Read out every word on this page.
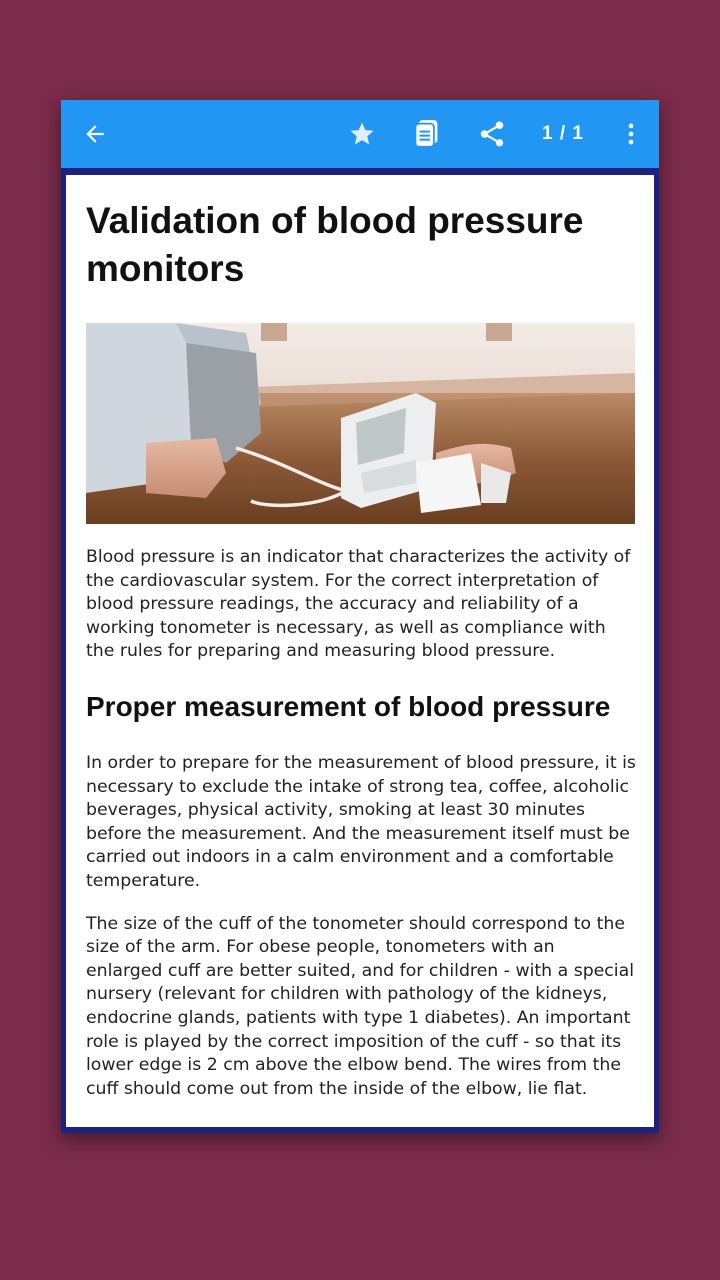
1 / 1
Validation of blood pressure monitors

Blood pressure is an indicator that characterizes the activity of the cardiovascular system. For the correct interpretation of blood pressure readings, the accuracy and reliability of a working tonometer is necessary, as well as compliance with the rules for preparing and measuring blood pressure.

Proper measurement of blood pressure

In order to prepare for the measurement of blood pressure, it is necessary to exclude the intake of strong tea, coffee, alcoholic beverages, physical activity, smoking at least 30 minutes before the measurement. And the measurement itself must be carried out indoors in a calm environment and a comfortable temperature.

The size of the cuff of the tonometer should correspond to the size of the arm. For obese people, tonometers with an enlarged cuff are better suited, and for children - with a special nursery (relevant for children with pathology of the kidneys, endocrine glands, patients with type 1 diabetes). An important role is played by the correct imposition of the cuff - so that its lower edge is 2 cm above the elbow bend. The wires from the cuff should come out from the inside of the elbow, lie flat.
